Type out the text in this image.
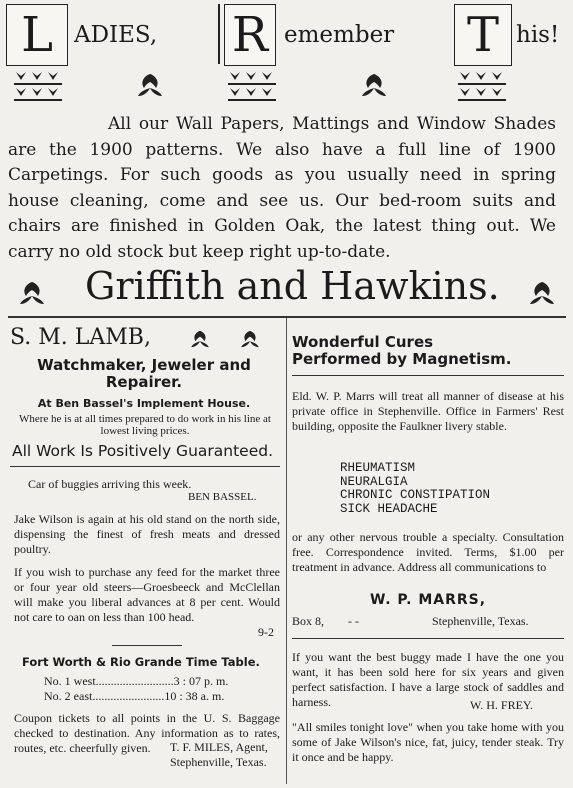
L ADIES, R emember T his!

All our Wall Papers, Mattings and Window Shades are the 1900 patterns. We also have a full line of 1900 Carpetings. For such goods as you usually need in spring house cleaning, come and see us. Our bed-room suits and chairs are finished in Golden Oak, the latest thing out. We carry no old stock but keep right up-to-date.

Griffith and Hawkins.
S. M. LAMB,
Watchmaker, Jeweler and
Repairer.
At Ben Bassel's Implement House.
Where he is at all times prepared to do work in his line at lowest living prices.
All Work Is Positively Guaranteed.
Car of buggies arriving this week.
BEN BASSEL.
Jake Wilson is again at his old stand on the north side, dispensing the finest of fresh meats and dressed poultry.
If you wish to purchase any feed for the market three or four year old steers—Groesbeeck and McClellan will make you liberal advances at 8 per cent. Would not care to oan on less than 100 head.
9-2
Fort Worth & Rio Grande Time Table.
No. 1 west..........................3 : 07 p. m.
No. 2 east........................10 : 38 a. m.
Coupon tickets to all points in the U. S. Baggage checked to destination. Any information as to rates, routes, etc. cheerfully given.	T. F. MILES, Agent,
Stephenville, Texas.
Wonderful Cures
Performed by Magnetism.
Eld. W. P. Marrs will treat all manner of disease at his private office in Stephenville. Office in Farmers' Rest building, opposite the Faulkner livery stable.
RHEUMATISM
NEURALGIA
CHRONIC CONSTIPATION
SICK HEADACHE
or any other nervous trouble a specialty. Consultation free. Correspondence invited. Terms, $1.00 per treatment in advance. Address all communications to
W. P. MARRS,
Box 8, - -	Stephenville, Texas.
If you want the best buggy made I have the one you want, it has been sold here for six years and given perfect satisfaction. I have a large stock of saddles and harness.	W. H. FREY.
"All smiles tonight love" when you take home with you some of Jake Wilson's nice, fat, juicy, tender steak. Try it once and be happy.
